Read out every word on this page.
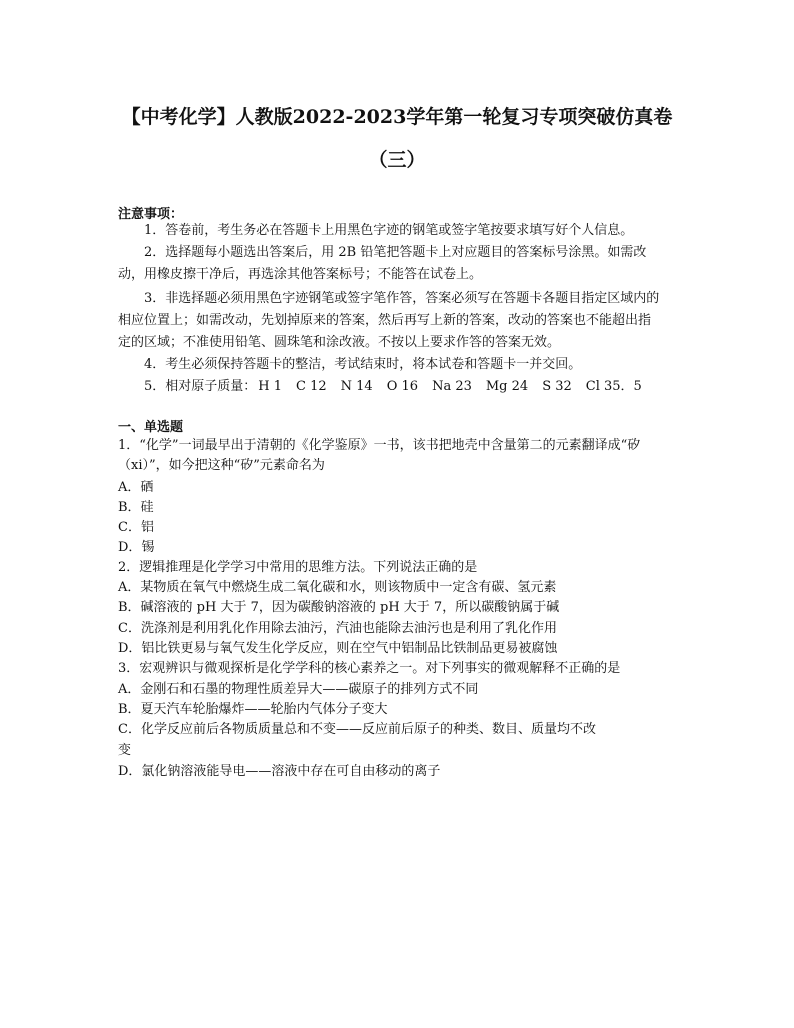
【中考化学】人教版2022-2023学年第一轮复习专项突破仿真卷
（三）
注意事项：
1．答卷前，考生务必在答题卡上用黑色字迹的钢笔或签字笔按要求填写好个人信息。
2．选择题每小题选出答案后，用 2B 铅笔把答题卡上对应题目的答案标号涂黑。如需改
动，用橡皮擦干净后，再选涂其他答案标号；不能答在试卷上。
3．非选择题必须用黑色字迹钢笔或签字笔作答，答案必须写在答题卡各题目指定区域内的
相应位置上；如需改动，先划掉原来的答案，然后再写上新的答案，改动的答案也不能超出指
定的区域；不准使用铅笔、圆珠笔和涂改液。不按以上要求作答的答案无效。
4．考生必须保持答题卡的整洁，考试结束时，将本试卷和答题卡一并交回。
5．相对原子质量： H 1 C 12 N 14 O 16 Na 23 Mg 24 S 32 Cl 35．5
一、单选题
1．“化学”一词最早出于清朝的《化学鉴原》一书，该书把地壳中含量第二的元素翻译成“矽
（xi）”，如今把这种“矽”元素命名为
A．硒
B．硅
C．铝
D．锡
2．逻辑推理是化学学习中常用的思维方法。下列说法正确的是
A．某物质在氧气中燃烧生成二氧化碳和水，则该物质中一定含有碳、氢元素
B．碱溶液的 pH 大于 7，因为碳酸钠溶液的 pH 大于 7，所以碳酸钠属于碱
C．洗涤剂是利用乳化作用除去油污，汽油也能除去油污也是利用了乳化作用
D．铝比铁更易与氧气发生化学反应，则在空气中铝制品比铁制品更易被腐蚀
3．宏观辨识与微观探析是化学学科的核心素养之一。对下列事实的微观解释不正确的是
A．金刚石和石墨的物理性质差异大——碳原子的排列方式不同
B．夏天汽车轮胎爆炸——轮胎内气体分子变大
C．化学反应前后各物质质量总和不变——反应前后原子的种类、数目、质量均不改
变
D．氯化钠溶液能导电——溶液中存在可自由移动的离子
